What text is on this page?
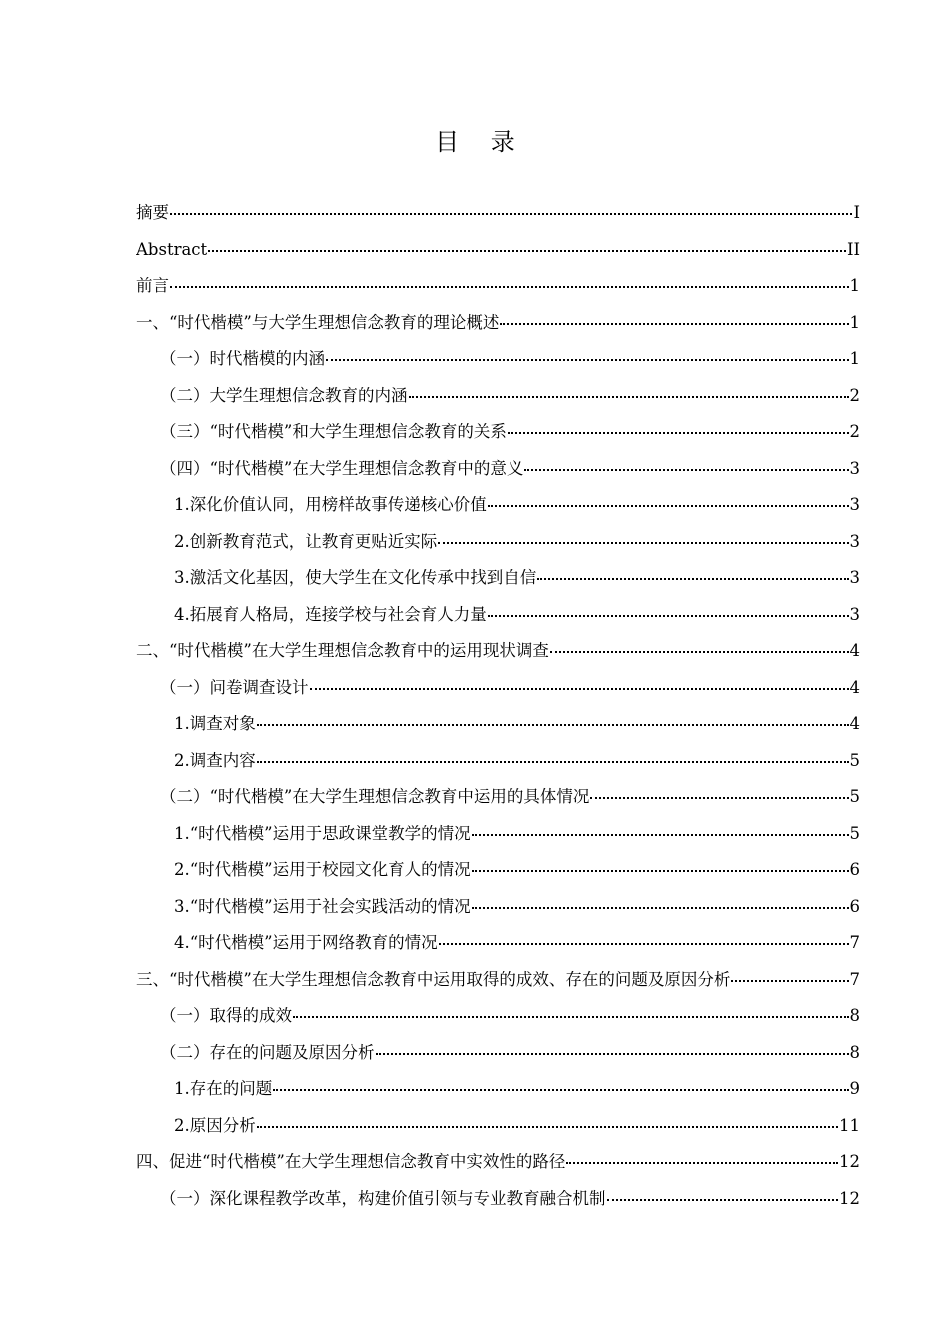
目 录
摘要	I
Abstract	II
前言	1
一、“时代楷模”与大学生理想信念教育的理论概述	1
（一）时代楷模的内涵	1
（二）大学生理想信念教育的内涵	2
（三）“时代楷模”和大学生理想信念教育的关系	2
（四）“时代楷模”在大学生理想信念教育中的意义	3
1.深化价值认同，用榜样故事传递核心价值	3
2.创新教育范式，让教育更贴近实际	3
3.激活文化基因，使大学生在文化传承中找到自信	3
4.拓展育人格局，连接学校与社会育人力量	3
二、“时代楷模”在大学生理想信念教育中的运用现状调查	4
（一）问卷调查设计	4
1.调查对象	4
2.调查内容	5
（二）“时代楷模”在大学生理想信念教育中运用的具体情况	5
1.“时代楷模”运用于思政课堂教学的情况	5
2.“时代楷模”运用于校园文化育人的情况	6
3.“时代楷模”运用于社会实践活动的情况	6
4.“时代楷模”运用于网络教育的情况	7
三、“时代楷模”在大学生理想信念教育中运用取得的成效、存在的问题及原因分析	7
（一）取得的成效	8
（二）存在的问题及原因分析	8
1.存在的问题	9
2.原因分析	11
四、促进“时代楷模”在大学生理想信念教育中实效性的路径	12
（一）深化课程教学改革，构建价值引领与专业教育融合机制	12
